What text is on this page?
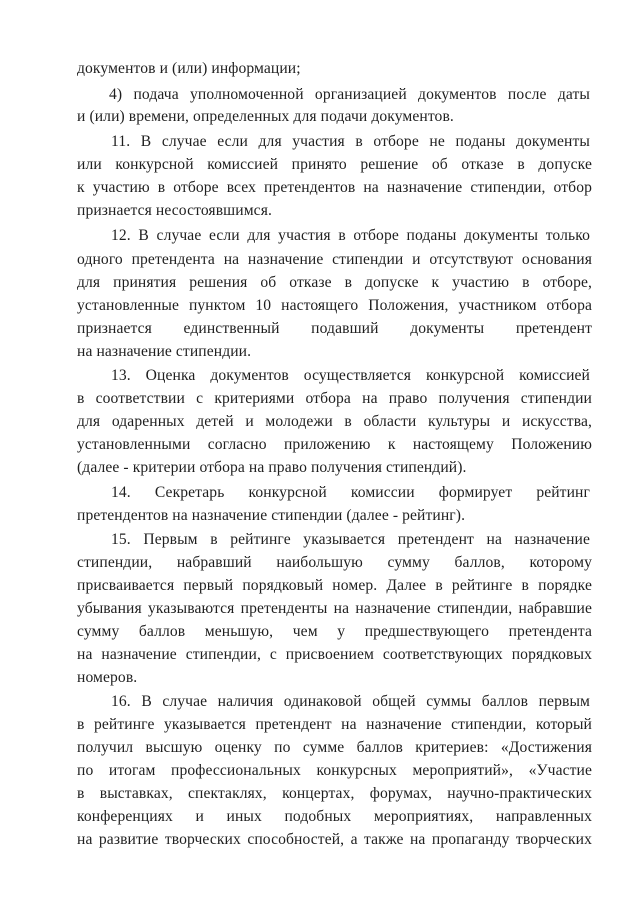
документов и (или) информации;
4) подача уполномоченной организацией документов после даты
и (или) времени, определенных для подачи документов.
11. В случае если для участия в отборе не поданы документы
или конкурсной комиссией принято решение об отказе в допуске
к участию в отборе всех претендентов на назначение стипендии, отбор
признается несостоявшимся.
12. В случае если для участия в отборе поданы документы только
одного претендента на назначение стипендии и отсутствуют основания
для принятия решения об отказе в допуске к участию в отборе,
установленные пунктом 10 настоящего Положения, участником отбора
признается единственный подавший документы претендент
на назначение стипендии.
13. Оценка документов осуществляется конкурсной комиссией
в соответствии с критериями отбора на право получения стипендии
для одаренных детей и молодежи в области культуры и искусства,
установленными согласно приложению к настоящему Положению
(далее - критерии отбора на право получения стипендий).
14. Секретарь конкурсной комиссии формирует рейтинг
претендентов на назначение стипендии (далее - рейтинг).
15. Первым в рейтинге указывается претендент на назначение
стипендии, набравший наибольшую сумму баллов, которому
присваивается первый порядковый номер. Далее в рейтинге в порядке
убывания указываются претенденты на назначение стипендии, набравшие
сумму баллов меньшую, чем у предшествующего претендента
на назначение стипендии, с присвоением соответствующих порядковых
номеров.
16. В случае наличия одинаковой общей суммы баллов первым
в рейтинге указывается претендент на назначение стипендии, который
получил высшую оценку по сумме баллов критериев: «Достижения
по итогам профессиональных конкурсных мероприятий», «Участие
в выставках, спектаклях, концертах, форумах, научно-практических
конференциях и иных подобных мероприятиях, направленных
на развитие творческих способностей, а также на пропаганду творческих
